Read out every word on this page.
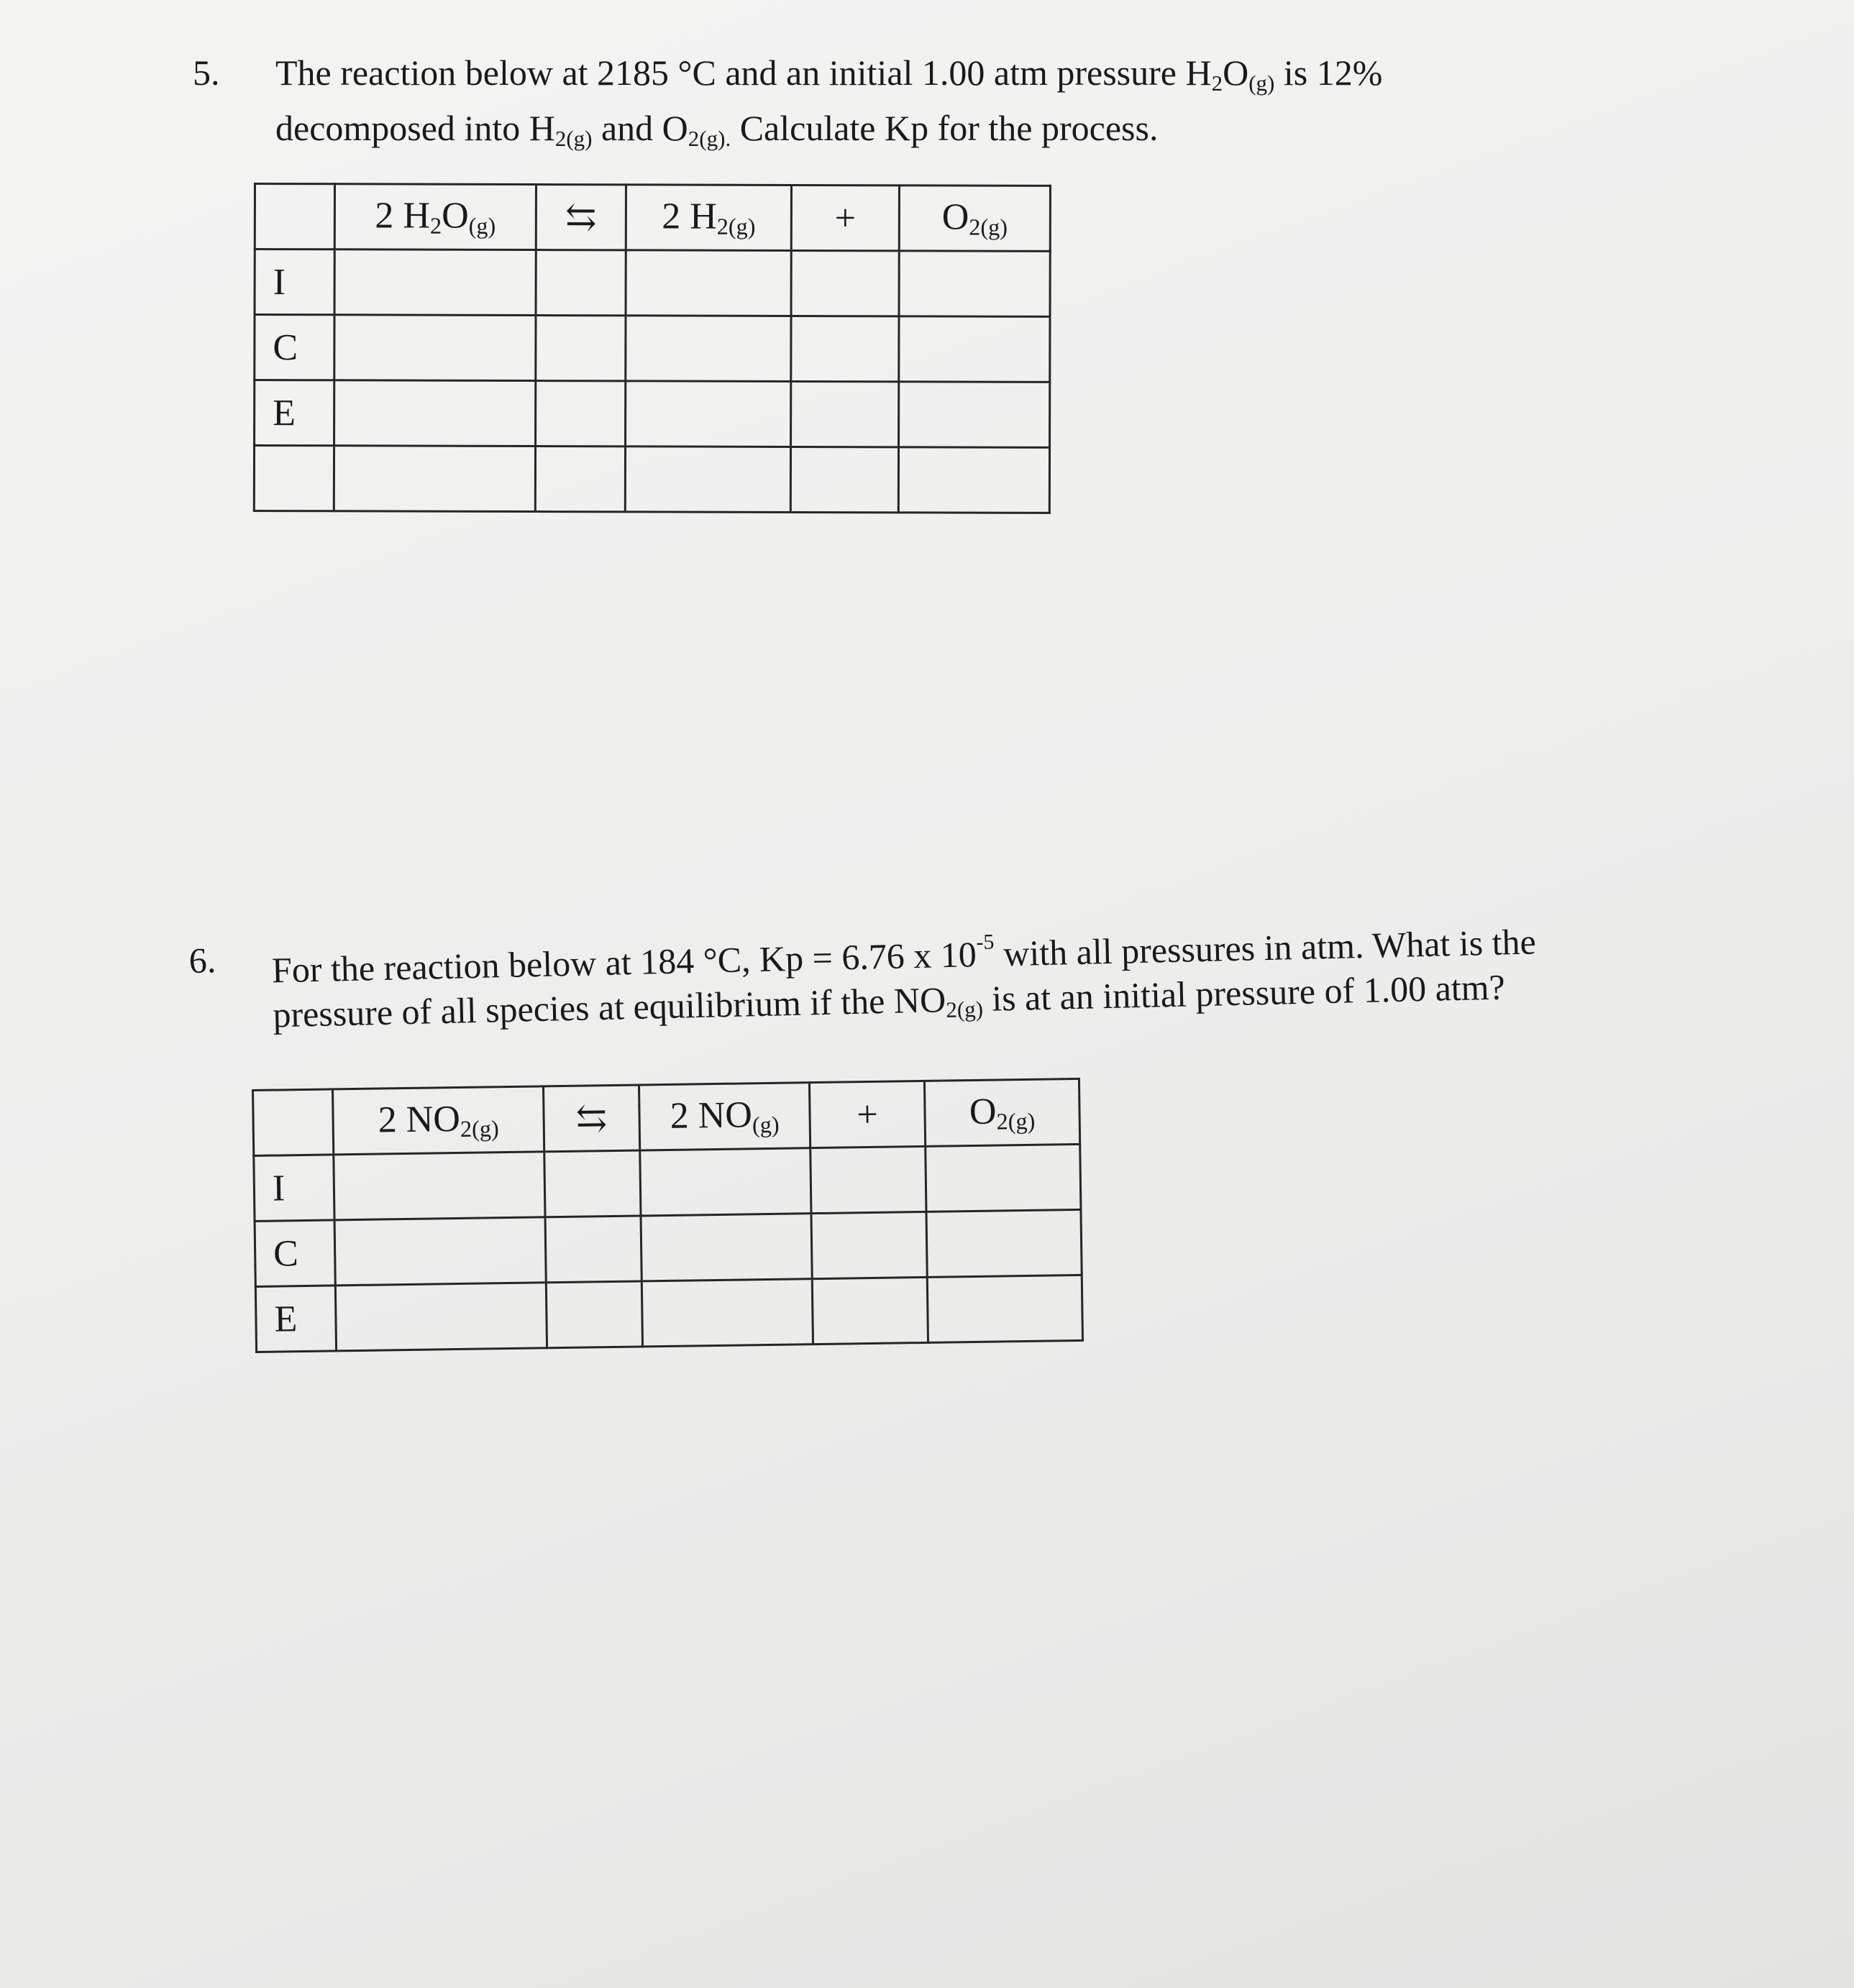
5. The reaction below at 2185 °C and an initial 1.00 atm pressure $H_2O_{(g)}$ is 12%

decomposed into $H_{2(g)}$ and $O_{2(g).}$ Calculate Kp for the process.

	2 $H_2O_{(g)}$	⇆	2 $H_{2(g)}$	+	$O_{2(g)}$
I					
C					
E					

6. For the reaction below at 184 °C, Kp = 6.76 x $10^{-5}$ with all pressures in atm. What is the

pressure of all species at equilibrium if the $NO_{2(g)}$ is at an initial pressure of 1.00 atm?

	2 $NO_{2(g)}$	⇆	2 $NO_{(g)}$	+	$O_{2(g)}$
I					
C					
E					
